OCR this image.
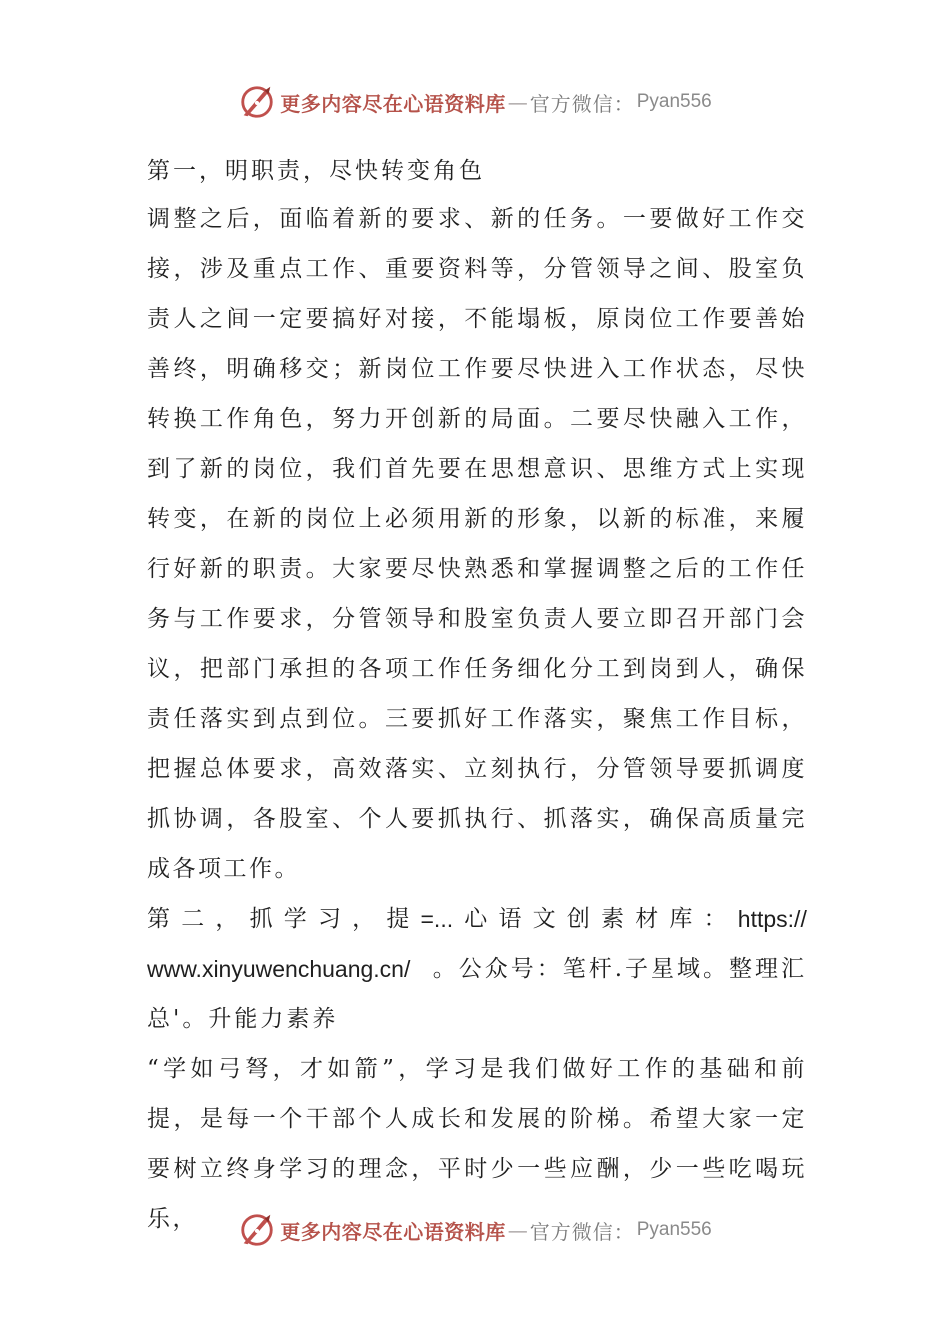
更多内容尽在心语资料库 — 官方微信： Pyan556

第一，明职责，尽快转变角色

调整之后，面临着新的要求、新的任务。一要做好工作交接，涉及重点工作、重要资料等，分管领导之间、股室负责人之间一定要搞好对接，不能塌板，原岗位工作要善始善终，明确移交；新岗位工作要尽快进入工作状态，尽快转换工作角色，努力开创新的局面。二要尽快融入工作，到了新的岗位，我们首先要在思想意识、思维方式上实现转变，在新的岗位上必须用新的形象，以新的标准，来履行好新的职责。大家要尽快熟悉和掌握调整之后的工作任务与工作要求，分管领导和股室负责人要立即召开部门会议，把部门承担的各项工作任务细化分工到岗到人，确保责任落实到点到位。三要抓好工作落实，聚焦工作目标，把握总体要求，高效落实、立刻执行，分管领导要抓调度抓协调，各股室、个人要抓执行、抓落实，确保高质量完成各项工作。

第 二 ， 抓 学 习 ， 提 =... 心 语 文 创 素 材 库 ： https://
www.xinyuwenchuang.cn/ 。公众号：笔杆.子星域。整理汇
总'。升能力素养

“学如弓弩，才如箭”，学习是我们做好工作的基础和前提，是每一个干部个人成长和发展的阶梯。希望大家一定要树立终身学习的理念，平时少一些应酬，少一些吃喝玩乐，	更多内容尽在心语资料库 — 官方微信： Pyan556
